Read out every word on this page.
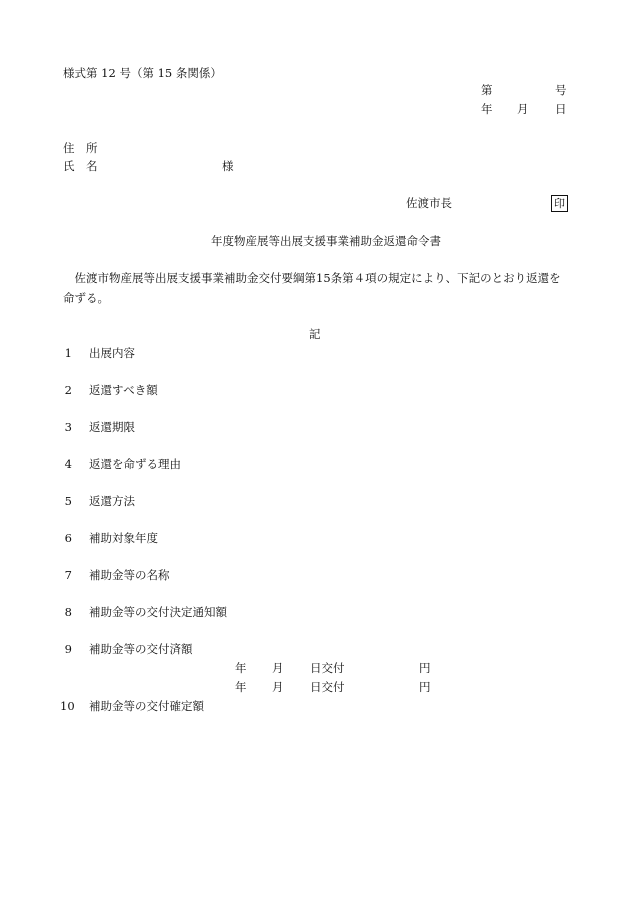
様式第 12 号（第 15 条関係）
第	号
年 月 日
住　所
氏　名	様
佐渡市長	印
年度物産展等出展支援事業補助金返還命令書
佐渡市物産展等出展支援事業補助金交付要綱第15条第４項の規定により、下記のとおり返還を命ずる。
記
1 出展内容
2 返還すべき額
3 返還期限
4 返還を命ずる理由
5 返還方法
6 補助対象年度
7 補助金等の名称
8 補助金等の交付決定通知額
9 補助金等の交付済額
年 月 日交付	円
年 月 日交付	円
10 補助金等の交付確定額
